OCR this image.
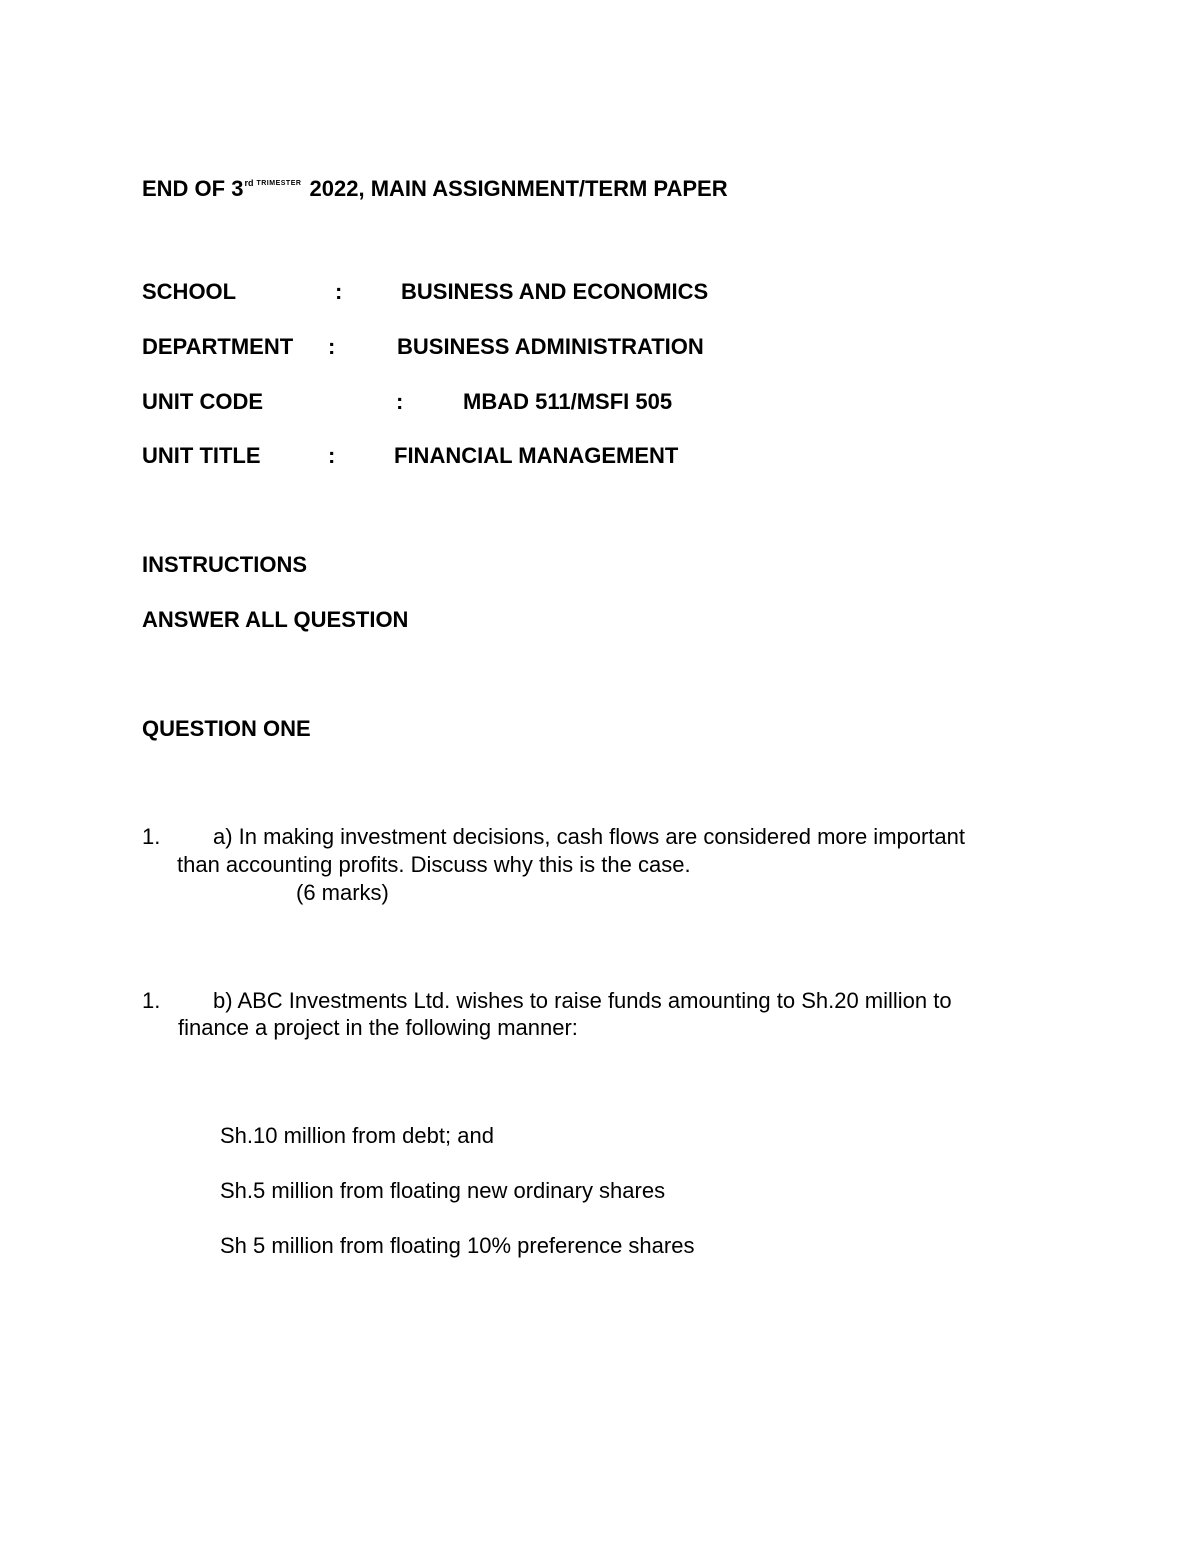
END OF 3rd $^{TRIMESTER}$ 2022, MAIN ASSIGNMENT/TERM PAPER
SCHOOL	:	BUSINESS AND ECONOMICS
DEPARTMENT :	BUSINESS ADMINISTRATION
UNIT CODE	:	MBAD 511/MSFI 505
UNIT TITLE	:	FINANCIAL MANAGEMENT
INSTRUCTIONS
ANSWER ALL QUESTION
QUESTION ONE
1. a) In making investment decisions, cash flows are considered more important
than accounting profits. Discuss why this is the case.
(6 marks)
1. b) ABC Investments Ltd. wishes to raise funds amounting to Sh.20 million to
finance a project in the following manner:
Sh.10 million from debt; and
Sh.5 million from floating new ordinary shares
Sh 5 million from floating 10% preference shares
